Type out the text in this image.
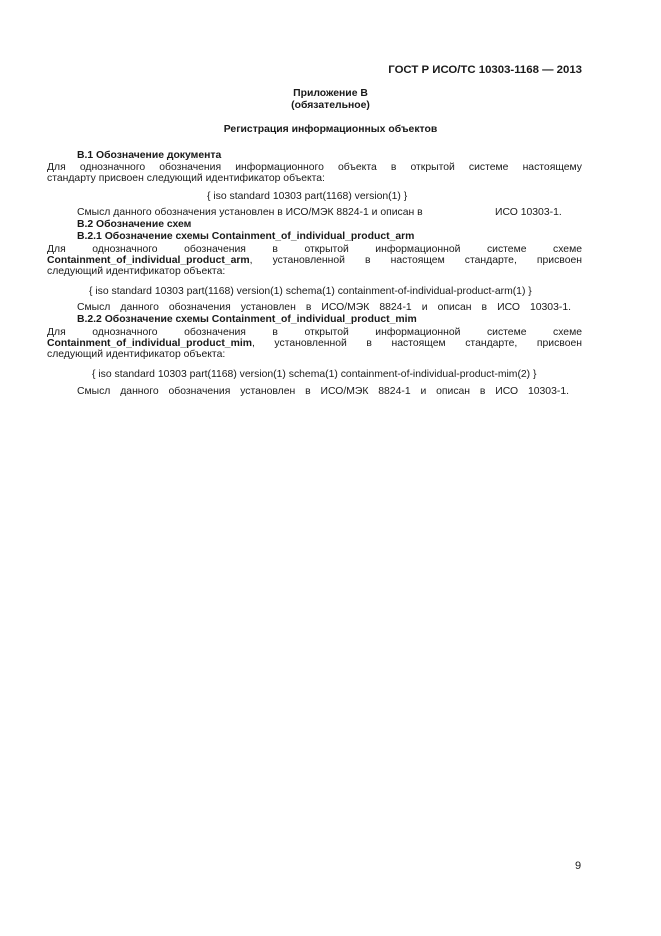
ГОСТ Р ИСО/ТС 10303-1168 — 2013
Приложение В
(обязательное)
Регистрация информационных объектов
В.1 Обозначение документа
Для однозначного обозначения информационного объекта в открытой системе настоящему
стандарту присвоен следующий идентификатор объекта:
{ iso standard 10303 part(1168) version(1) }
Смысл данного обозначения установлен в ИСО/МЭК 8824-1 и описан в	ИСО 10303-1.
В.2 Обозначение схем
В.2.1 Обозначение схемы Containment_of_individual_product_arm
Для однозначного обозначения в открытой информационной системе схеме
Containment_of_individual_product_arm, установленной в настоящем стандарте, присвоен
следующий идентификатор объекта:
{ iso standard 10303 part(1168) version(1) schema(1) containment-of-individual-product-arm(1) }
Смысл данного обозначения установлен в ИСО/МЭК 8824-1 и описан в ИСО 10303-1.
В.2.2 Обозначение схемы Containment_of_individual_product_mim
Для однозначного обозначения в открытой информационной системе схеме
Containment_of_individual_product_mim, установленной в настоящем стандарте, присвоен
следующий идентификатор объекта:
{ iso standard 10303 part(1168) version(1) schema(1) containment-of-individual-product-mim(2) }
Смысл данного обозначения установлен в ИСО/МЭК 8824-1 и описан в ИСО 10303-1.
9
